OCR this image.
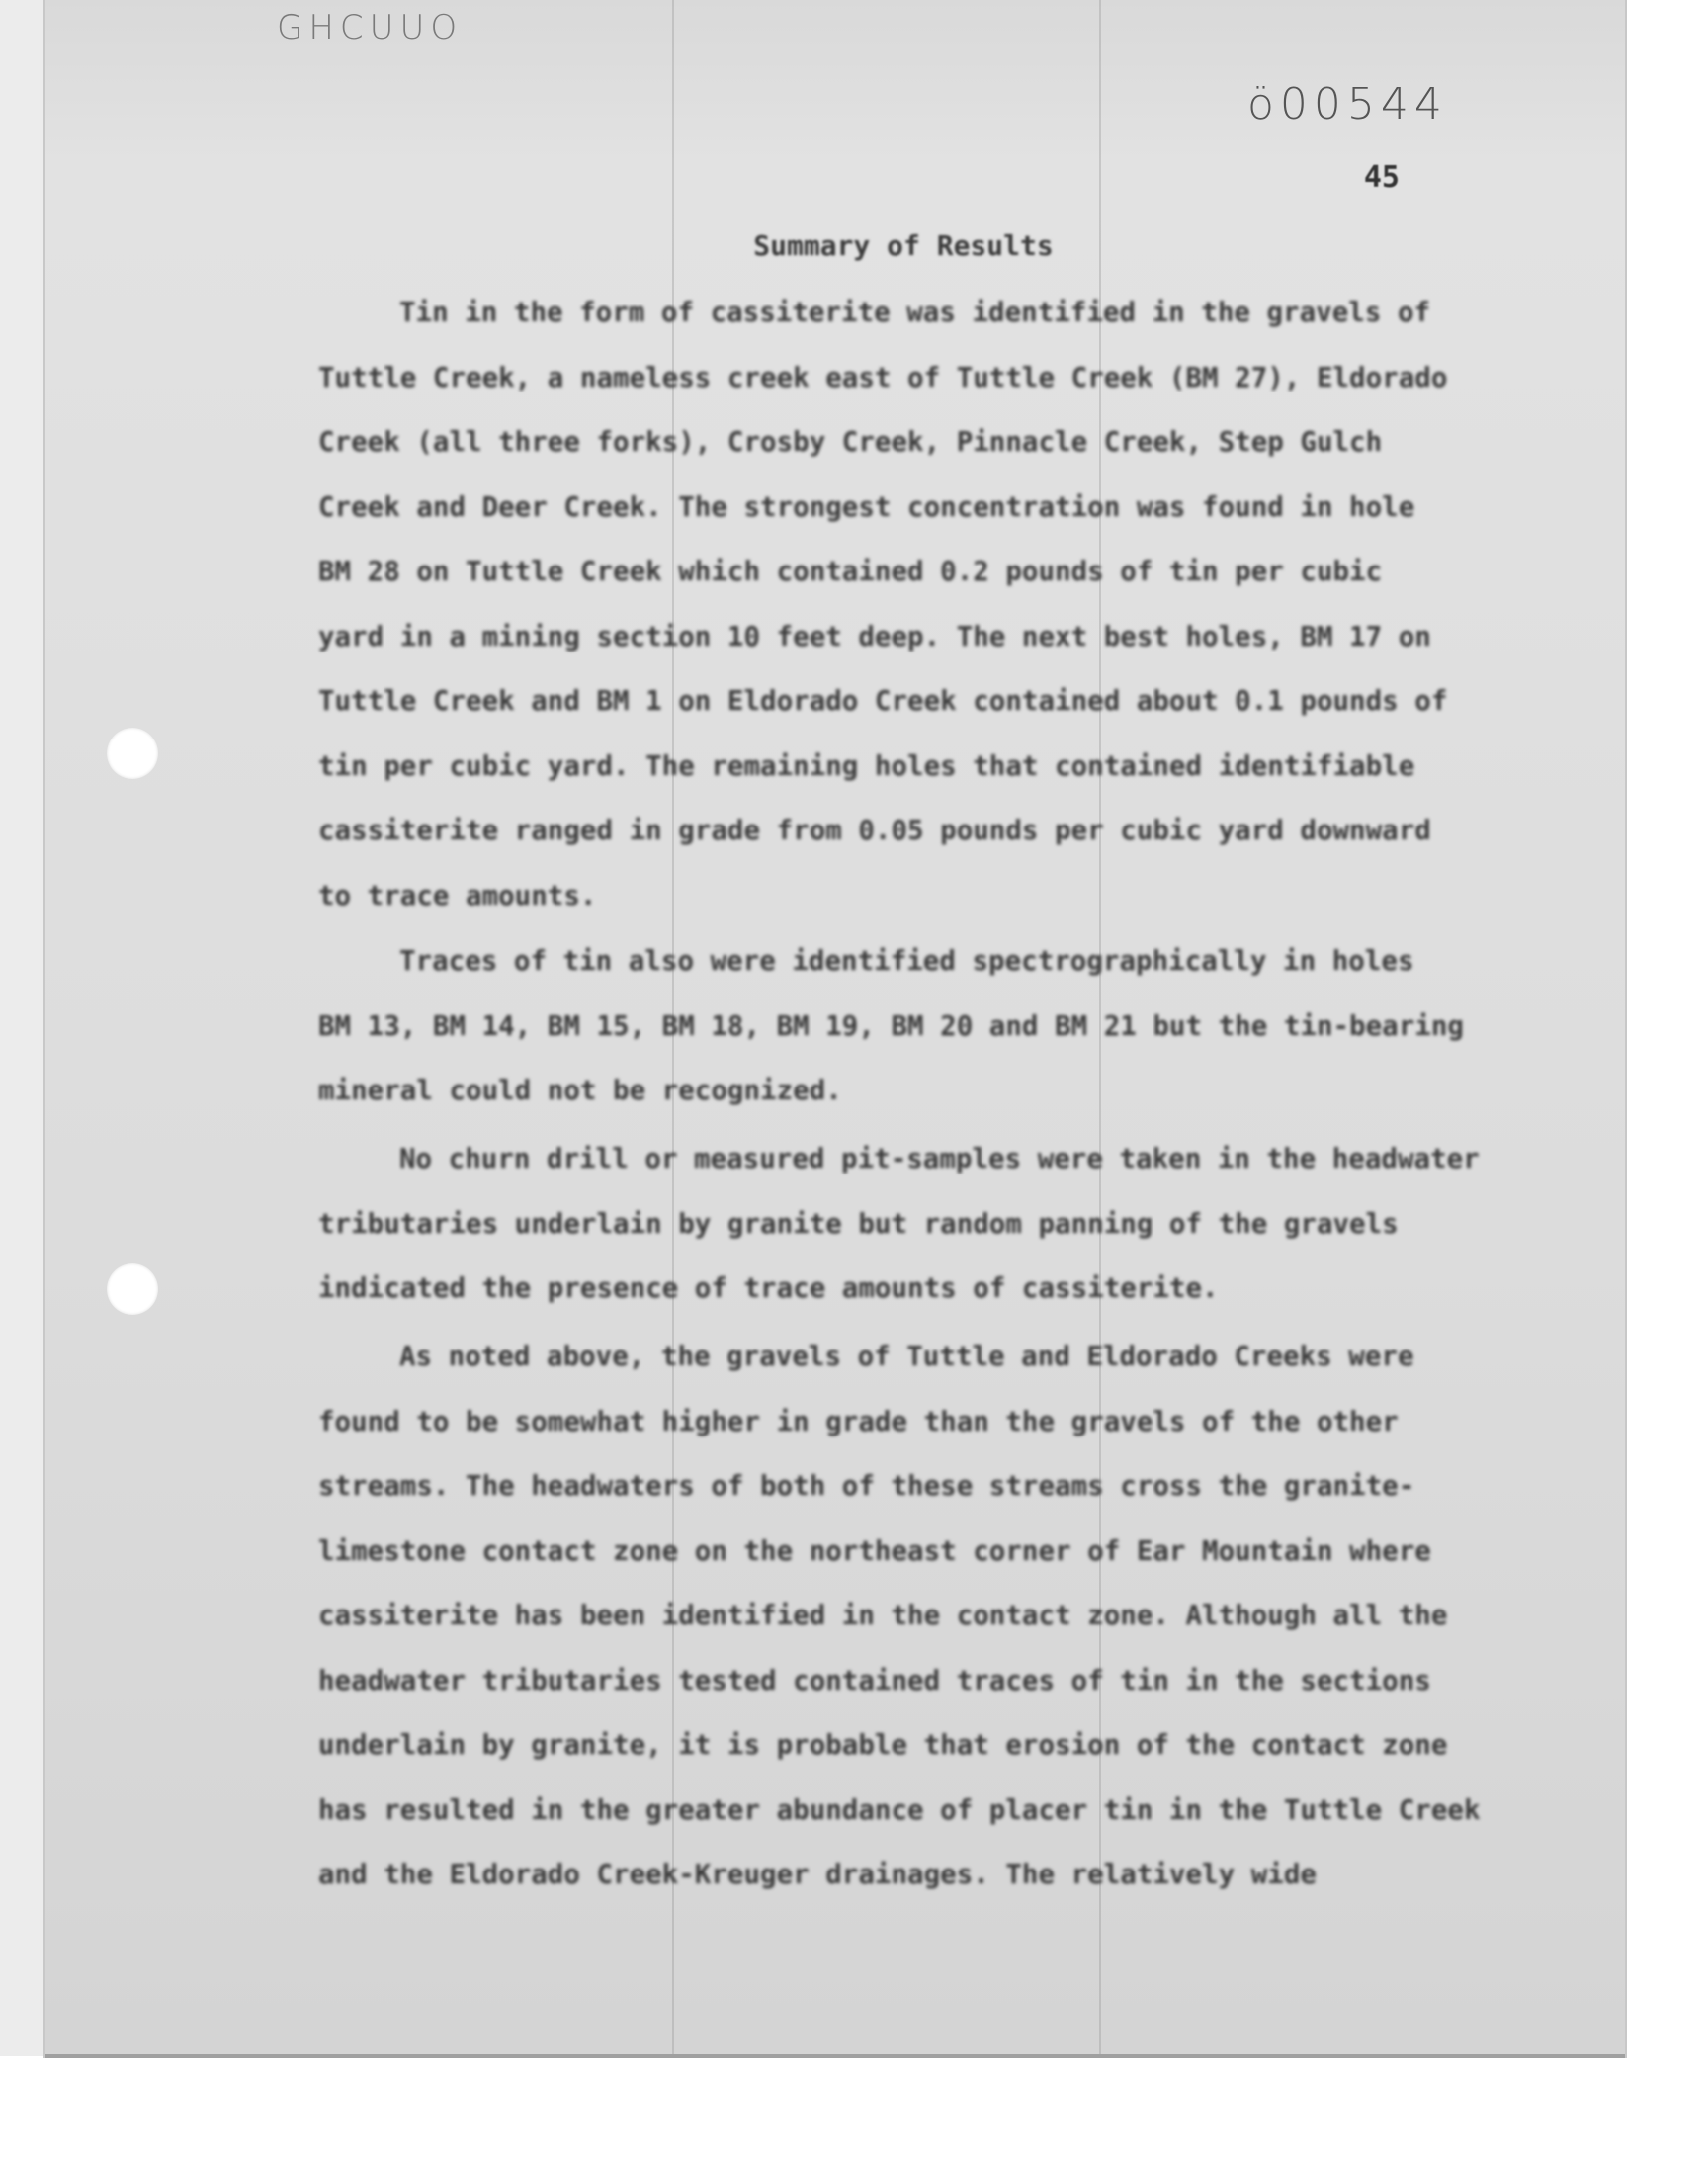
GHCUUO
ö00544
45
Summary of Results
Tin in the form of cassiterite was identified in the gravels of
Tuttle Creek, a nameless creek east of Tuttle Creek (BM 27), Eldorado
Creek (all three forks), Crosby Creek, Pinnacle Creek, Step Gulch
Creek and Deer Creek. The strongest concentration was found in hole
BM 28 on Tuttle Creek which contained 0.2 pounds of tin per cubic
yard in a mining section 10 feet deep. The next best holes, BM 17 on
Tuttle Creek and BM 1 on Eldorado Creek contained about 0.1 pounds of
tin per cubic yard. The remaining holes that contained identifiable
cassiterite ranged in grade from 0.05 pounds per cubic yard downward
to trace amounts.
Traces of tin also were identified spectrographically in holes
BM 13, BM 14, BM 15, BM 18, BM 19, BM 20 and BM 21 but the tin-bearing
mineral could not be recognized.
No churn drill or measured pit-samples were taken in the headwater
tributaries underlain by granite but random panning of the gravels
indicated the presence of trace amounts of cassiterite.
As noted above, the gravels of Tuttle and Eldorado Creeks were
found to be somewhat higher in grade than the gravels of the other
streams. The headwaters of both of these streams cross the granite-
limestone contact zone on the northeast corner of Ear Mountain where
cassiterite has been identified in the contact zone. Although all the
headwater tributaries tested contained traces of tin in the sections
underlain by granite, it is probable that erosion of the contact zone
has resulted in the greater abundance of placer tin in the Tuttle Creek
and the Eldorado Creek-Kreuger drainages. The relatively wide
